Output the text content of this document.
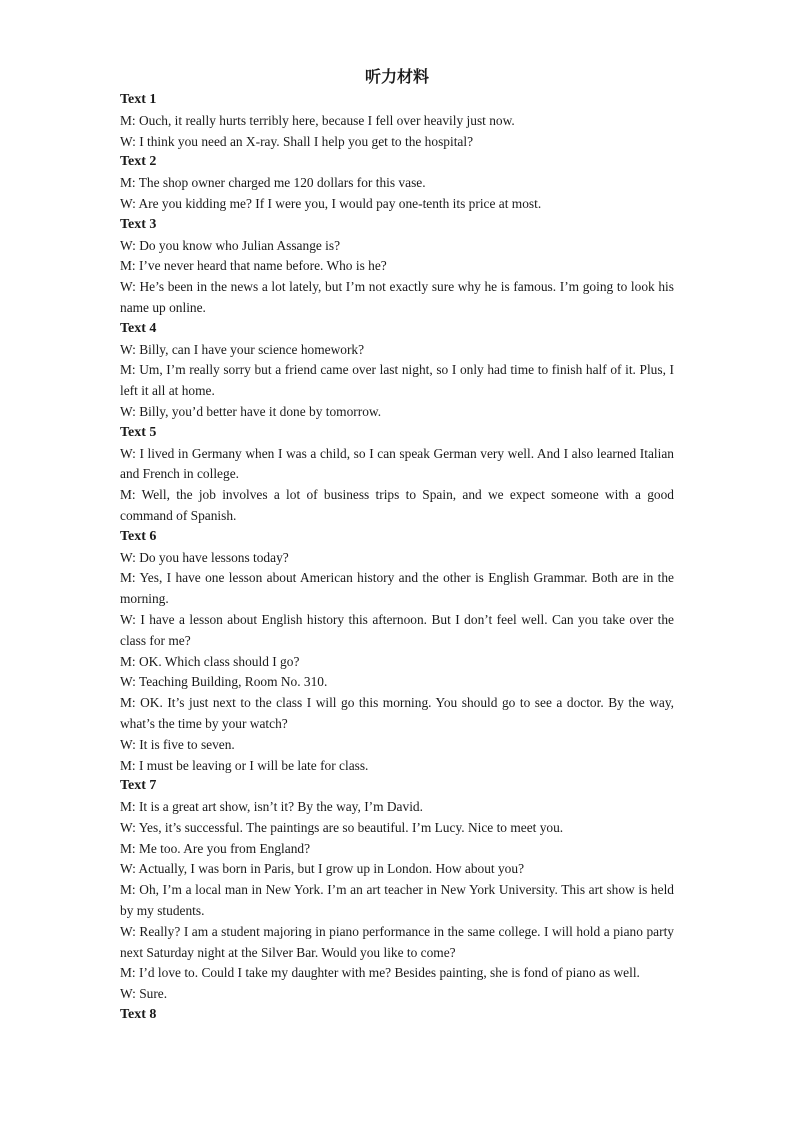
听力材料
Text 1
M: Ouch, it really hurts terribly here, because I fell over heavily just now.
W: I think you need an X-ray. Shall I help you get to the hospital?
Text 2
M: The shop owner charged me 120 dollars for this vase.
W: Are you kidding me? If I were you, I would pay one-tenth its price at most.
Text 3
W: Do you know who Julian Assange is?
M: I’ve never heard that name before. Who is he?
W: He’s been in the news a lot lately, but I’m not exactly sure why he is famous. I’m going to look his name up online.
Text 4
W: Billy, can I have your science homework?
M: Um, I’m really sorry but a friend came over last night, so I only had time to finish half of it. Plus, I left it all at home.
W: Billy, you’d better have it done by tomorrow.
Text 5
W: I lived in Germany when I was a child, so I can speak German very well. And I also learned Italian and French in college.
M: Well, the job involves a lot of business trips to Spain, and we expect someone with a good command of Spanish.
Text 6
W: Do you have lessons today?
M: Yes, I have one lesson about American history and the other is English Grammar. Both are in the morning.
W: I have a lesson about English history this afternoon. But I don’t feel well. Can you take over the class for me?
M: OK. Which class should I go?
W: Teaching Building, Room No. 310.
M: OK. It’s just next to the class I will go this morning. You should go to see a doctor. By the way, what’s the time by your watch?
W: It is five to seven.
M: I must be leaving or I will be late for class.
Text 7
M: It is a great art show, isn’t it? By the way, I’m David.
W: Yes, it’s successful. The paintings are so beautiful. I’m Lucy. Nice to meet you.
M: Me too. Are you from England?
W: Actually, I was born in Paris, but I grow up in London. How about you?
M: Oh, I’m a local man in New York. I’m an art teacher in New York University. This art show is held by my students.
W: Really? I am a student majoring in piano performance in the same college. I will hold a piano party next Saturday night at the Silver Bar. Would you like to come?
M: I’d love to. Could I take my daughter with me? Besides painting, she is fond of piano as well.
W: Sure.
Text 8
